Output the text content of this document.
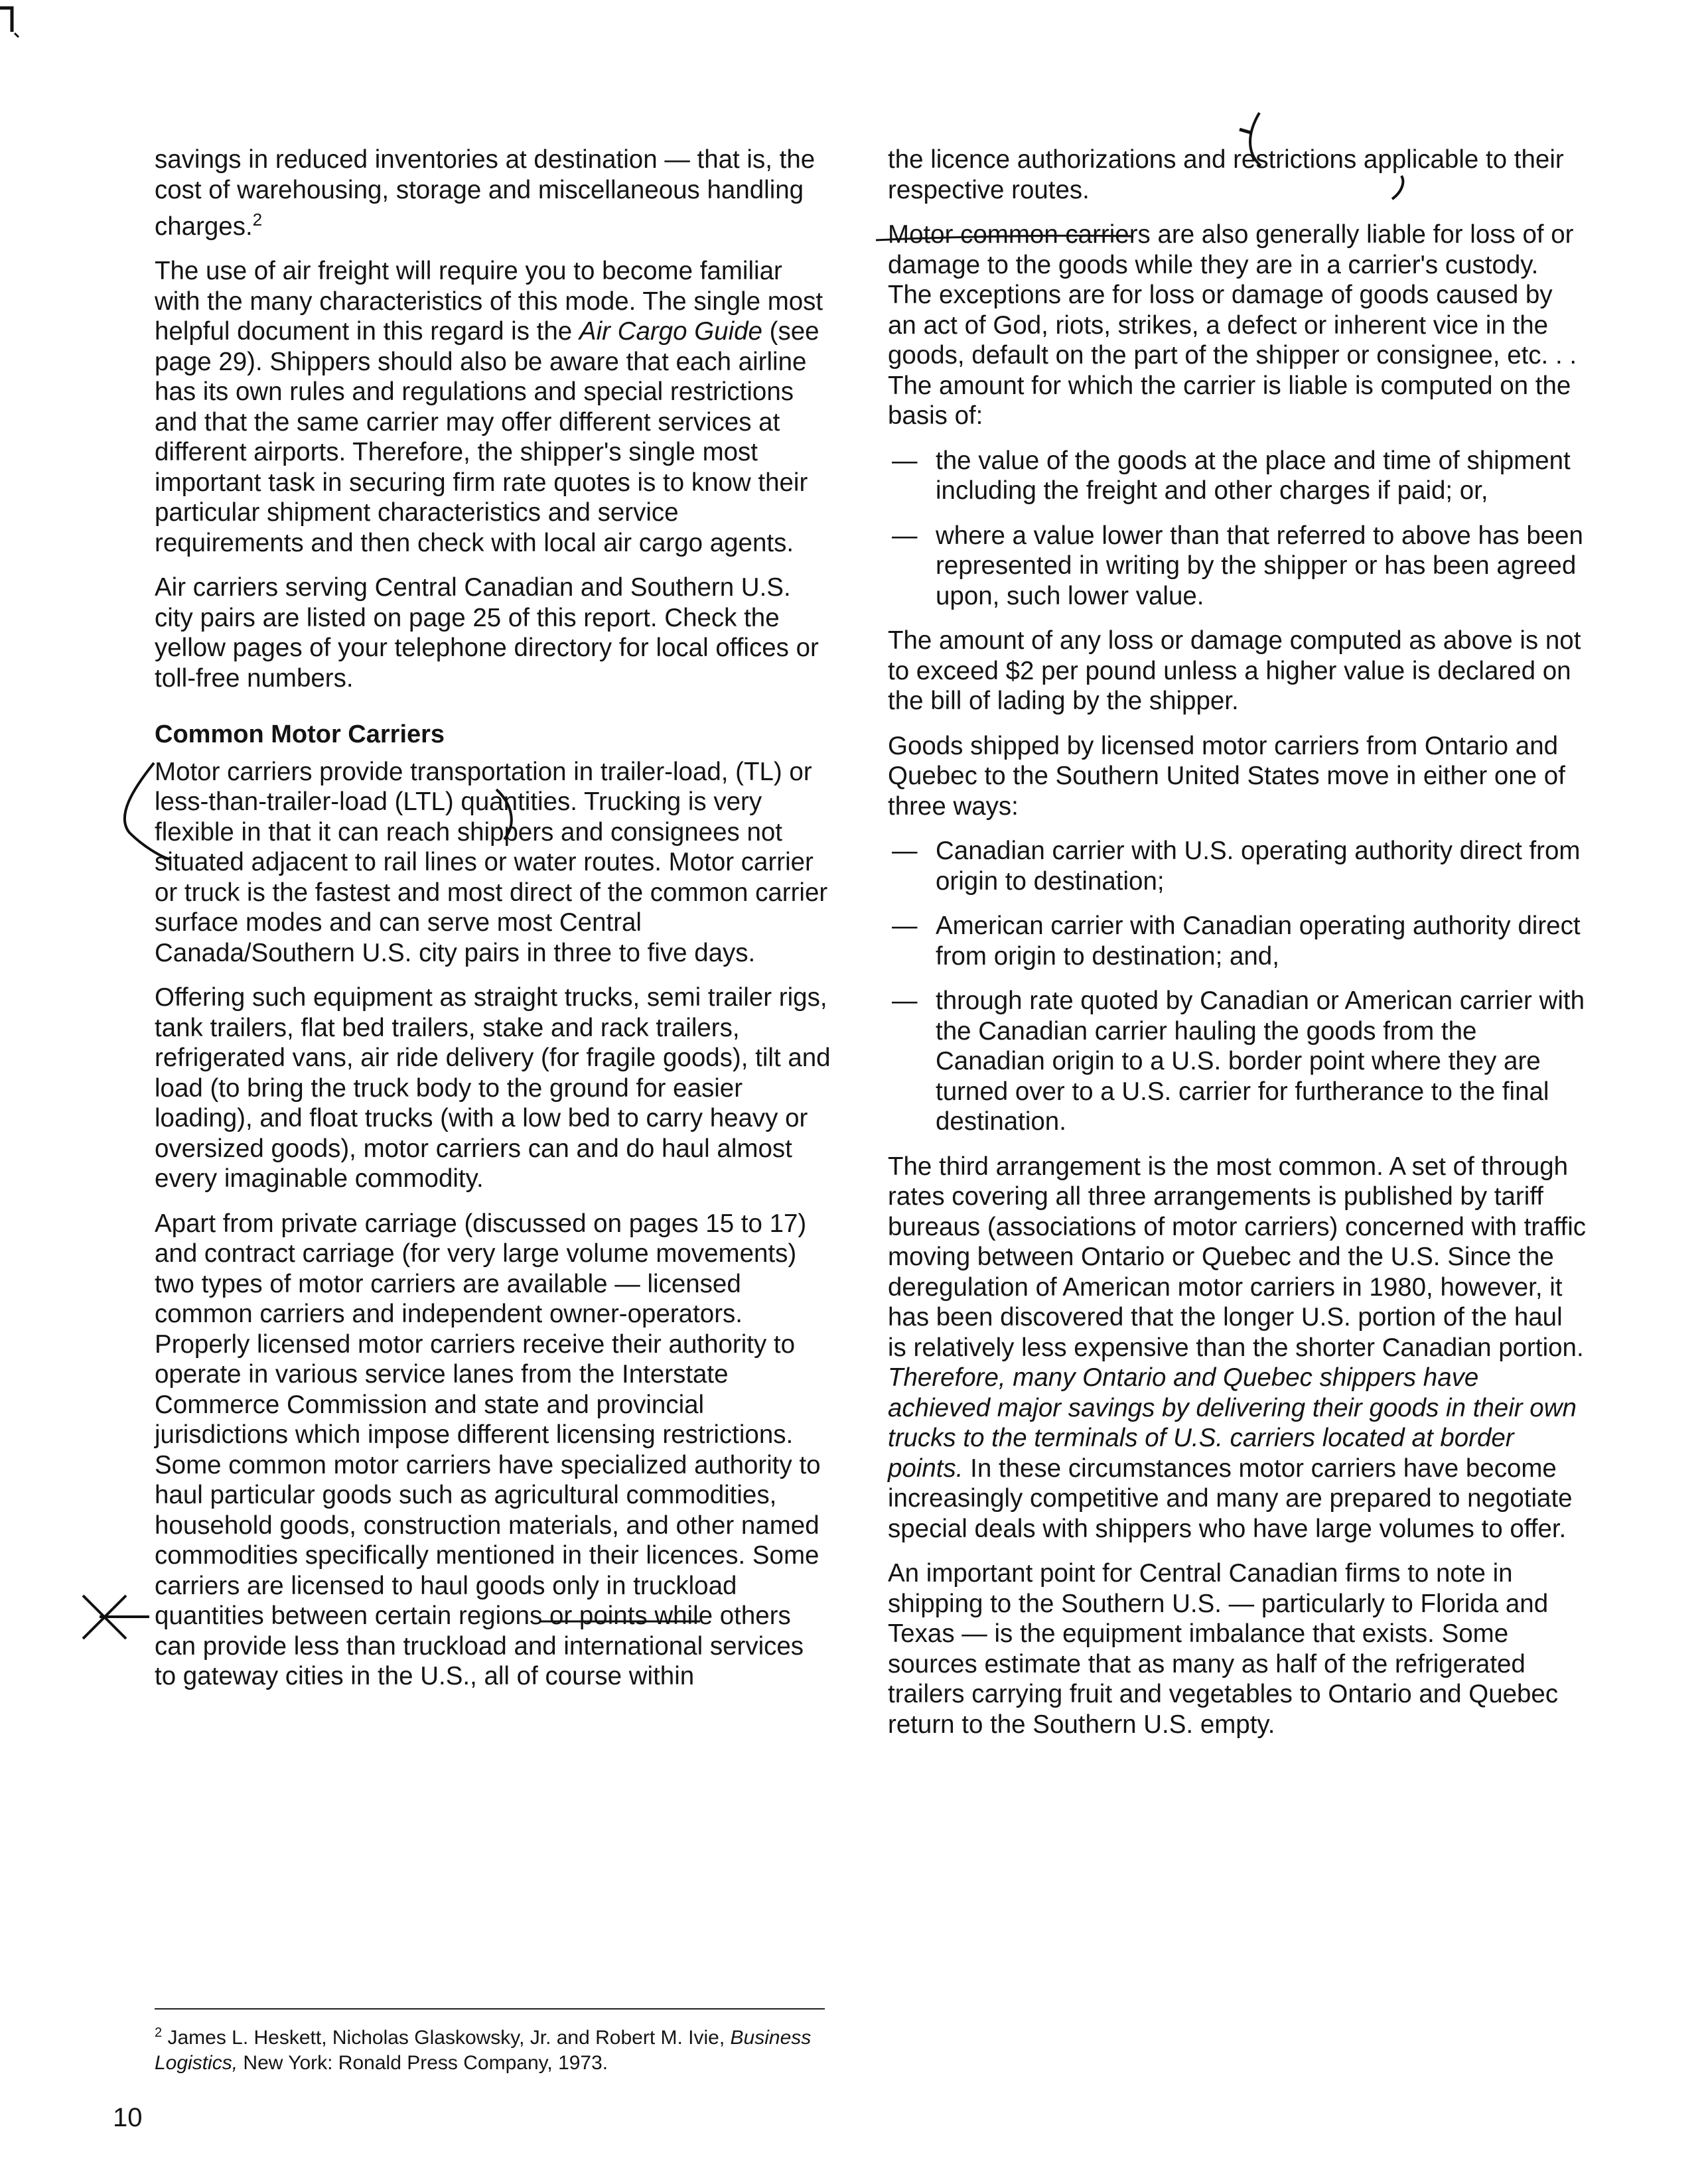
savings in reduced inventories at destination — that is, the cost of warehousing, storage and miscellaneous handling charges.$^2$

The use of air freight will require you to become familiar with the many characteristics of this mode. The single most helpful document in this regard is the Air Cargo Guide (see page 29). Shippers should also be aware that each airline has its own rules and regulations and special restrictions and that the same carrier may offer different services at different airports. Therefore, the shipper's single most important task in securing firm rate quotes is to know their particular shipment characteristics and service requirements and then check with local air cargo agents.

Air carriers serving Central Canadian and Southern U.S. city pairs are listed on page 25 of this report. Check the yellow pages of your telephone directory for local offices or toll-free numbers.

Common Motor Carriers

Motor carriers provide transportation in trailer-load, (TL) or less-than-trailer-load (LTL) quantities. Trucking is very flexible in that it can reach shippers and consignees not situated adjacent to rail lines or water routes. Motor carrier or truck is the fastest and most direct of the common carrier surface modes and can serve most Central Canada/Southern U.S. city pairs in three to five days.

Offering such equipment as straight trucks, semi trailer rigs, tank trailers, flat bed trailers, stake and rack trailers, refrigerated vans, air ride delivery (for fragile goods), tilt and load (to bring the truck body to the ground for easier loading), and float trucks (with a low bed to carry heavy or oversized goods), motor carriers can and do haul almost every imaginable commodity.

Apart from private carriage (discussed on pages 15 to 17) and contract carriage (for very large volume movements) two types of motor carriers are available — licensed common carriers and independent owner-operators. Properly licensed motor carriers receive their authority to operate in various service lanes from the Interstate Commerce Commission and state and provincial jurisdictions which impose different licensing restrictions. Some common motor carriers have specialized authority to haul particular goods such as agricultural commodities, household goods, construction materials, and other named commodities specifically mentioned in their licences. Some carriers are licensed to haul goods only in truckload quantities between certain regions or points while others can provide less than truckload and international services to gateway cities in the U.S., all of course within

$^2$ James L. Heskett, Nicholas Glaskowsky, Jr. and Robert M. Ivie, Business Logistics, New York: Ronald Press Company, 1973.

the licence authorizations and restrictions applicable to their respective routes.

Motor common carriers are also generally liable for loss of or damage to the goods while they are in a carrier's custody. The exceptions are for loss or damage of goods caused by an act of God, riots, strikes, a defect or inherent vice in the goods, default on the part of the shipper or consignee, etc. . . The amount for which the carrier is liable is computed on the basis of:

— the value of the goods at the place and time of shipment including the freight and other charges if paid; or,
— where a value lower than that referred to above has been represented in writing by the shipper or has been agreed upon, such lower value.

The amount of any loss or damage computed as above is not to exceed $2 per pound unless a higher value is declared on the bill of lading by the shipper.

Goods shipped by licensed motor carriers from Ontario and Quebec to the Southern United States move in either one of three ways:

— Canadian carrier with U.S. operating authority direct from origin to destination;
— American carrier with Canadian operating authority direct from origin to destination; and,
— through rate quoted by Canadian or American carrier with the Canadian carrier hauling the goods from the Canadian origin to a U.S. border point where they are turned over to a U.S. carrier for furtherance to the final destination.

The third arrangement is the most common. A set of through rates covering all three arrangements is published by tariff bureaus (associations of motor carriers) concerned with traffic moving between Ontario or Quebec and the U.S. Since the deregulation of American motor carriers in 1980, however, it has been discovered that the longer U.S. portion of the haul is relatively less expensive than the shorter Canadian portion. Therefore, many Ontario and Quebec shippers have achieved major savings by delivering their goods in their own trucks to the terminals of U.S. carriers located at border points. In these circumstances motor carriers have become increasingly competitive and many are prepared to negotiate special deals with shippers who have large volumes to offer.

An important point for Central Canadian firms to note in shipping to the Southern U.S. — particularly to Florida and Texas — is the equipment imbalance that exists. Some sources estimate that as many as half of the refrigerated trailers carrying fruit and vegetables to Ontario and Quebec return to the Southern U.S. empty.

10
